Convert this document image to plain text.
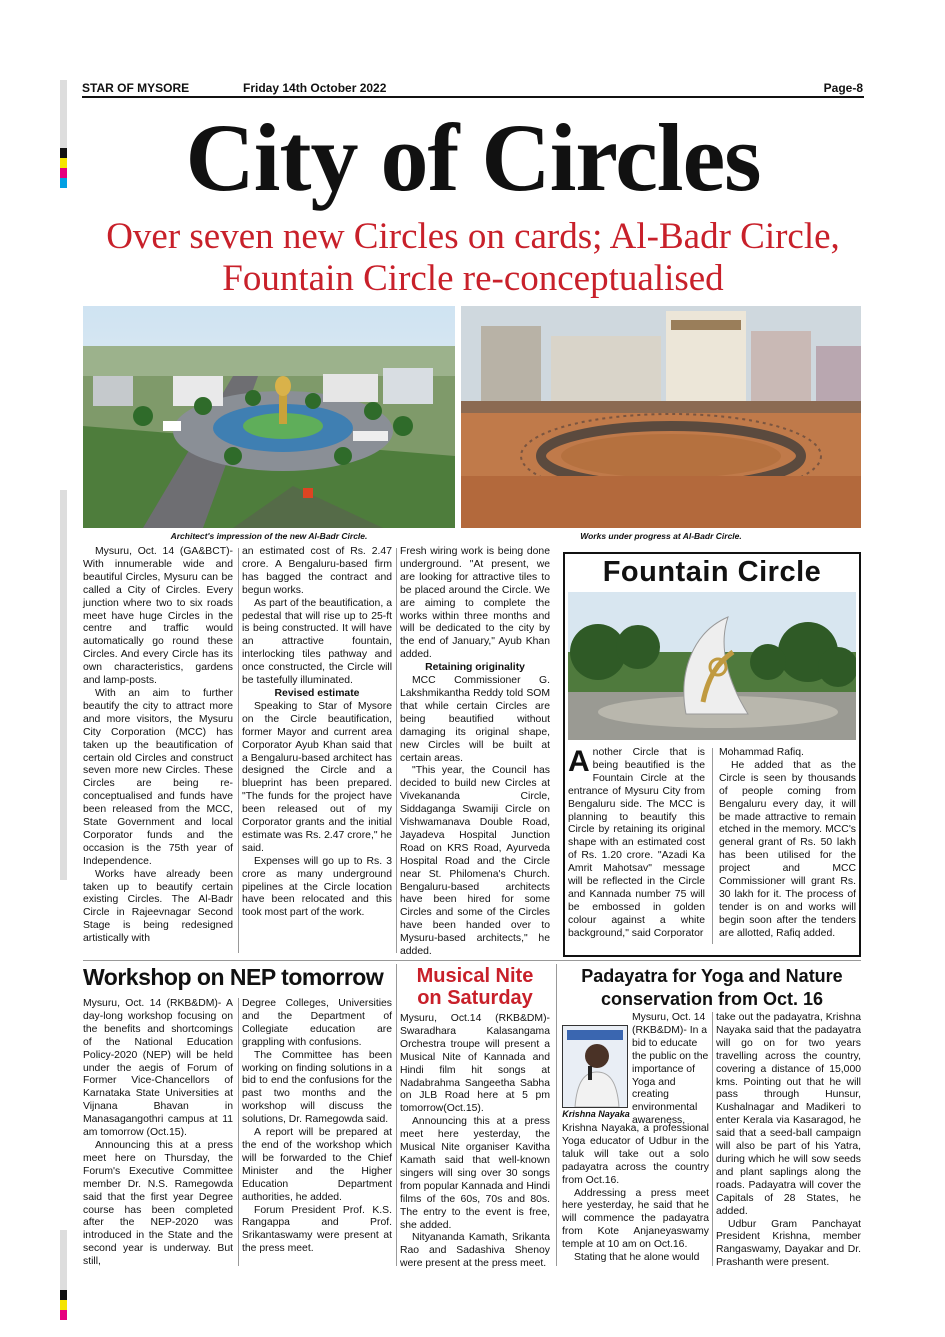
STAR OF MYSORE	Friday 14th October 2022	Page-8
City of Circles
Over seven new Circles on cards; Al-Badr Circle,
Fountain Circle re-conceptualised
Architect's impression of the new Al-Badr Circle.	Works under progress at Al-Badr Circle.

Mysuru, Oct. 14 (GA&BCT)- With innumerable wide and beautiful Circles, Mysuru can be called a City of Circles. Every junction where two to six roads meet have huge Circles in the centre and traffic would automatically go round these Circles. And every Circle has its own characteristics, gardens and lamp-posts.

With an aim to further beautify the city to attract more and more visitors, the Mysuru City Corporation (MCC) has taken up the beautification of certain old Circles and construct seven more new Circles. These Circles are being re-conceptualised and funds have been released from the MCC, State Government and local Corporator funds and the occasion is the 75th year of Independence.

Works have already been taken up to beautify certain existing Circles. The Al-Badr Circle in Rajeevnagar Second Stage is being redesigned artistically with

an estimated cost of Rs. 2.47 crore. A Bengaluru-based firm has bagged the contract and begun works.

As part of the beautification, a pedestal that will rise up to 25-ft is being constructed. It will have an attractive fountain, interlocking tiles pathway and once constructed, the Circle will be tastefully illuminated.

Revised estimate

Speaking to Star of Mysore on the Circle beautification, former Mayor and current area Corporator Ayub Khan said that a Bengaluru-based architect has designed the Circle and a blueprint has been prepared. "The funds for the project have been released out of my Corporator grants and the initial estimate was Rs. 2.47 crore," he said.

Expenses will go up to Rs. 3 crore as many underground pipelines at the Circle location have been relocated and this took most part of the work.

Fresh wiring work is being done underground. "At present, we are looking for attractive tiles to be placed around the Circle. We are aiming to complete the works within three months and will be dedicated to the city by the end of January," Ayub Khan added.

Retaining originality

MCC Commissioner G. Lakshmikantha Reddy told SOM that while certain Circles are being beautified without damaging its original shape, new Circles will be built at certain areas.

"This year, the Council has decided to build new Circles at Vivekananda Circle, Siddaganga Swamiji Circle on Vishwamanava Double Road, Jayadeva Hospital Junction Road on KRS Road, Ayurveda Hospital Road and the Circle near St. Philomena's Church. Bengaluru-based architects have been hired for some Circles and some of the Circles have been handed over to Mysuru-based architects," he added.

Fountain Circle

Another Circle that is being beautified is the Fountain Circle at the entrance of Mysuru City from Bengaluru side. The MCC is planning to beautify this Circle by retaining its original shape with an estimated cost of Rs. 1.20 crore. "Azadi Ka Amrit Mahotsav" message will be reflected in the Circle and Kannada number 75 will be embossed in golden colour against a white background," said Corporator

Mohammad Rafiq.

He added that as the Circle is seen by thousands of people coming from Bengaluru every day, it will be made attractive to remain etched in the memory. MCC's general grant of Rs. 50 lakh has been utilised for the project and MCC Commissioner will grant Rs. 30 lakh for it. The process of tender is on and works will begin soon after the tenders are allotted, Rafiq added.

Workshop on NEP tomorrow

Mysuru, Oct. 14 (RKB&DM)- A day-long workshop focusing on the benefits and shortcomings of the National Education Policy-2020 (NEP) will be held under the aegis of Forum of Former Vice-Chancellors of Karnataka State Universities at Vijnana Bhavan in Manasagangothri campus at 11 am tomorrow (Oct.15).

Announcing this at a press meet here on Thursday, the Forum's Executive Committee member Dr. N.S. Ramegowda said that the first year Degree course has been completed after the NEP-2020 was introduced in the State and the second year is underway. But still,

Degree Colleges, Universities and the Department of Collegiate education are grappling with confusions.

The Committee has been working on finding solutions in a bid to end the confusions for the past two months and the workshop will discuss the solutions, Dr. Ramegowda said.

A report will be prepared at the end of the workshop which will be forwarded to the Chief Minister and the Higher Education Department authorities, he added.

Forum President Prof. K.S. Rangappa and Prof. Srikantaswamy were present at the press meet.

Musical Nite
on Saturday

Mysuru, Oct.14 (RKB&DM)- Swaradhara Kalasangama Orchestra troupe will present a Musical Nite of Kannada and Hindi film hit songs at Nadabrahma Sangeetha Sabha on JLB Road here at 5 pm tomorrow(Oct.15).

Announcing this at a press meet here yesterday, the Musical Nite organiser Kavitha Kamath said that well-known singers will sing over 30 songs from popular Kannada and Hindi films of the 60s, 70s and 80s. The entry to the event is free, she added.

Nityananda Kamath, Srikanta Rao and Sadashiva Shenoy were present at the press meet.

Padayatra for Yoga and Nature
conservation from Oct. 16
Krishna Nayaka
Mysuru, Oct. 14 (RKB&DM)- In a bid to educate the public on the importance of Yoga and creating environmental awareness,

Krishna Nayaka, a professional Yoga educator of Udbur in the taluk will take out a solo padayatra across the country from Oct.16.

Addressing a press meet here yesterday, he said that he will commence the padayatra from Kote Anjaneyaswamy temple at 10 am on Oct.16.

Stating that he alone would

take out the padayatra, Krishna Nayaka said that the padayatra will go on for two years travelling across the country, covering a distance of 15,000 kms. Pointing out that he will pass through Hunsur, Kushalnagar and Madikeri to enter Kerala via Kasaragod, he said that a seed-ball campaign will also be part of his Yatra, during which he will sow seeds and plant saplings along the roads. Padayatra will cover the Capitals of 28 States, he added.

Udbur Gram Panchayat President Krishna, member Rangaswamy, Dayakar and Dr. Prashanth were present.
